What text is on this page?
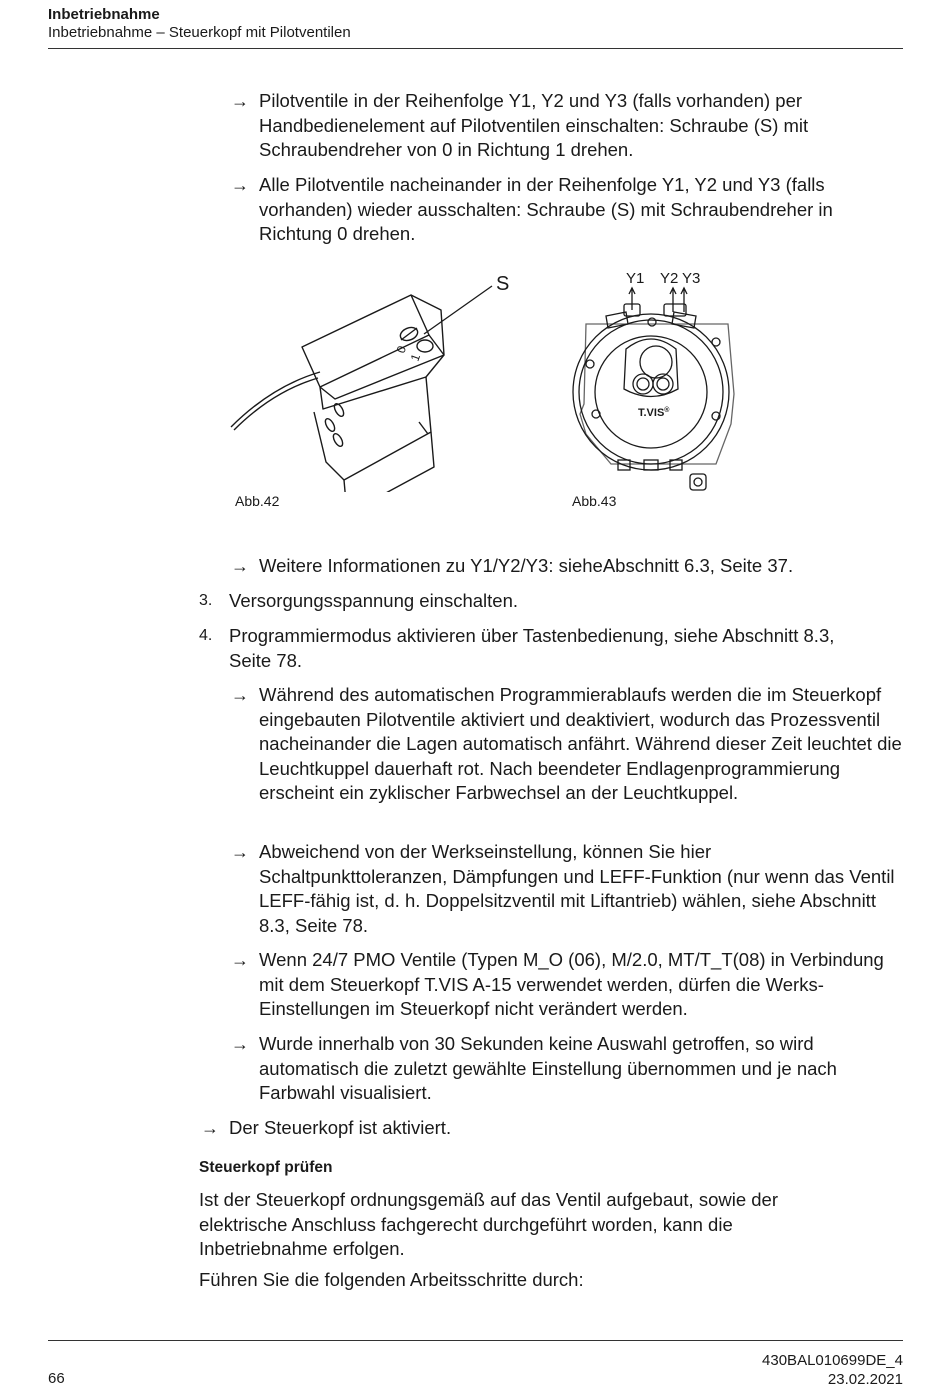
Inbetriebnahme
Inbetriebnahme – Steuerkopf mit Pilotventilen
→ Pilotventile in der Reihenfolge Y1, Y2 und Y3 (falls vorhanden) per Handbedienelement auf Pilotventilen einschalten: Schraube (S) mit Schraubendreher von 0 in Richtung 1 drehen.
→ Alle Pilotventile nacheinander in der Reihenfolge Y1, Y2 und Y3 (falls vorhanden) wieder ausschalten: Schraube (S) mit Schraubendreher in Richtung 0 drehen.
S
0
1
Abb.42
Y1 Y2 Y3
T.VIS®
Abb.43
→ Weitere Informationen zu Y1/Y2/Y3: sieheAbschnitt 6.3, Seite 37.
3. Versorgungsspannung einschalten.
4. Programmiermodus aktivieren über Tastenbedienung, siehe Abschnitt 8.3, Seite 78.
→ Während des automatischen Programmierablaufs werden die im Steuerkopf eingebauten Pilotventile aktiviert und deaktiviert, wodurch das Prozessventil nacheinander die Lagen automatisch anfährt. Während dieser Zeit leuchtet die Leuchtkuppel dauerhaft rot. Nach beendeter Endlagenprogrammierung erscheint ein zyklischer Farbwechsel an der Leuchtkuppel.
→ Abweichend von der Werkseinstellung, können Sie hier Schaltpunkttoleranzen, Dämpfungen und LEFF-Funktion (nur wenn das Ventil LEFF-fähig ist, d. h. Doppelsitzventil mit Liftantrieb) wählen, siehe Abschnitt 8.3, Seite 78.
→ Wenn 24/7 PMO Ventile (Typen M_O (06), M/2.0, MT/T_T(08) in Verbindung mit dem Steuerkopf T.VIS A-15 verwendet werden, dürfen die Werks-Einstellungen im Steuerkopf nicht verändert werden.
→ Wurde innerhalb von 30 Sekunden keine Auswahl getroffen, so wird automatisch die zuletzt gewählte Einstellung übernommen und je nach Farbwahl visualisiert.
→ Der Steuerkopf ist aktiviert.
Steuerkopf prüfen
Ist der Steuerkopf ordnungsgemäß auf das Ventil aufgebaut, sowie der elektrische Anschluss fachgerecht durchgeführt worden, kann die Inbetriebnahme erfolgen.
Führen Sie die folgenden Arbeitsschritte durch:
66
430BAL010699DE_4
23.02.2021
